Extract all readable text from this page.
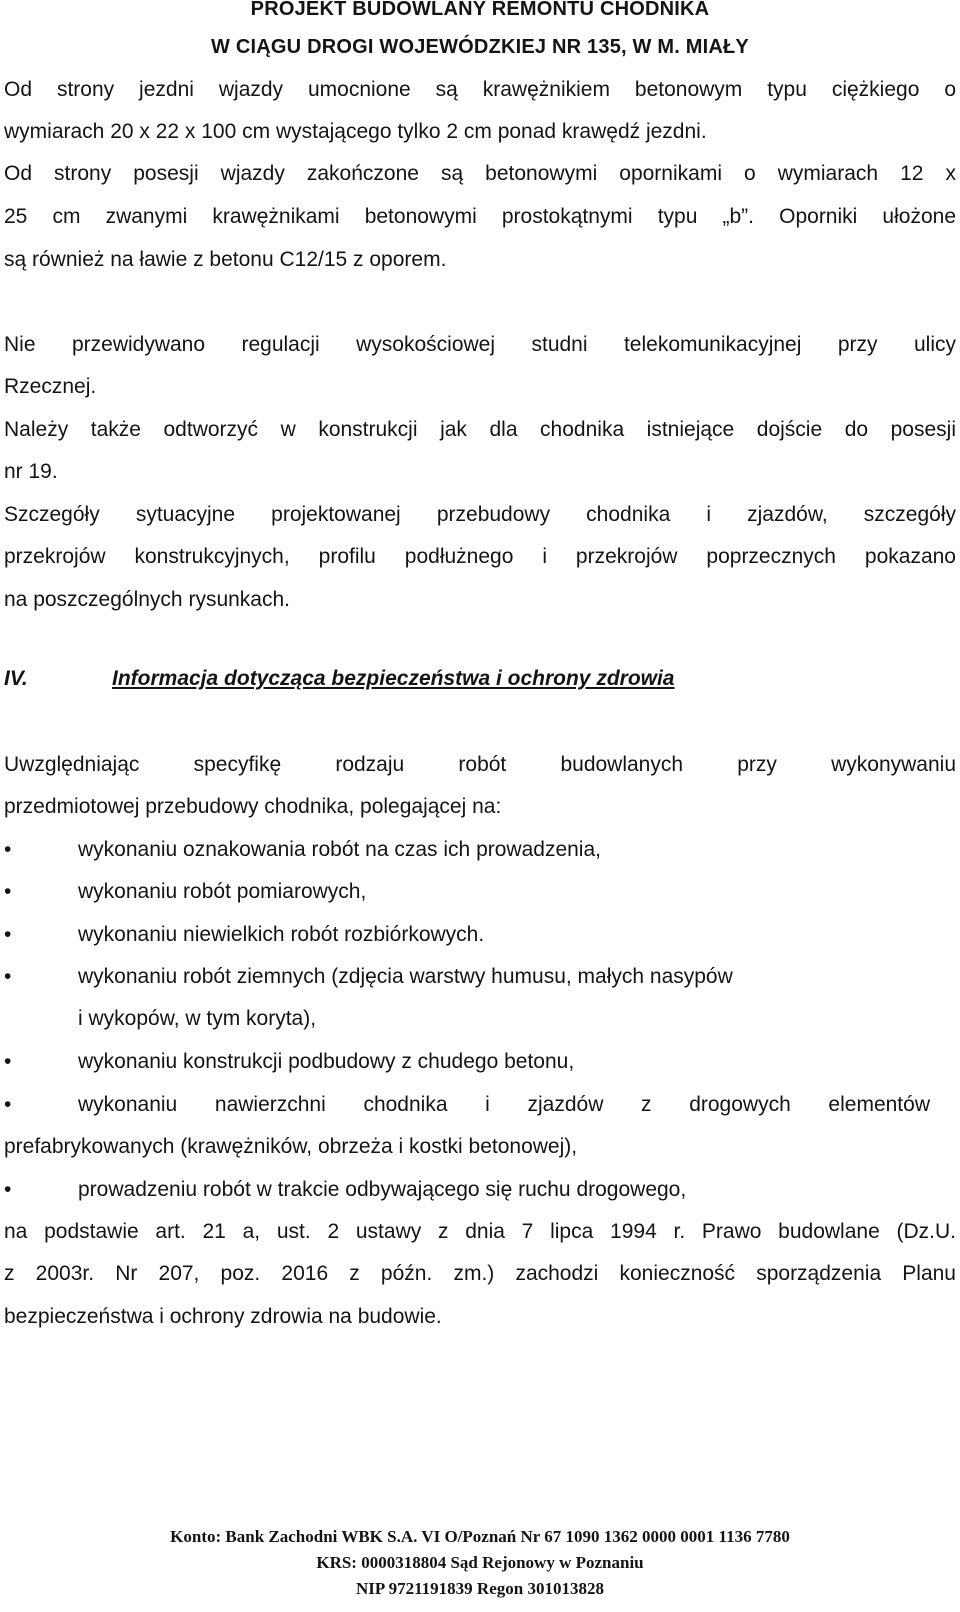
PROJEKT BUDOWLANY REMONTU CHODNIKA
W CIĄGU DROGI WOJEWÓDZKIEJ NR 135, W M. MIAŁY
Od strony jezdni wjazdy umocnione są krawężnikiem betonowym typu ciężkiego o
wymiarach 20 x 22 x 100 cm wystającego tylko 2 cm ponad krawędź jezdni.
Od strony posesji wjazdy zakończone są betonowymi opornikami o wymiarach 12 x
25 cm zwanymi krawężnikami betonowymi prostokątnymi typu „b”. Oporniki ułożone
są również na ławie z betonu C12/15 z oporem.
Nie przewidywano regulacji wysokościowej studni telekomunikacyjnej przy ulicy
Rzecznej.
Należy także odtworzyć w konstrukcji jak dla chodnika istniejące dojście do posesji
nr 19.
Szczegóły sytuacyjne projektowanej przebudowy chodnika i zjazdów, szczegóły
przekrojów konstrukcyjnych, profilu podłużnego i przekrojów poprzecznych pokazano
na poszczególnych rysunkach.
IV.	Informacja dotycząca bezpieczeństwa i ochrony zdrowia
Uwzględniając specyfikę rodzaju robót budowlanych przy wykonywaniu
przedmiotowej przebudowy chodnika, polegającej na:
•	wykonaniu oznakowania robót na czas ich prowadzenia,
•	wykonaniu robót pomiarowych,
•	wykonaniu niewielkich robót rozbiórkowych.
•	wykonaniu robót ziemnych (zdjęcia warstwy humusu, małych nasypów
i wykopów, w tym koryta),
•	wykonaniu konstrukcji podbudowy z chudego betonu,
•	wykonaniu nawierzchni chodnika i zjazdów z drogowych elementów
prefabrykowanych (krawężników, obrzeża i kostki betonowej),
•	prowadzeniu robót w trakcie odbywającego się ruchu drogowego,
na podstawie art. 21 a, ust. 2 ustawy z dnia 7 lipca 1994 r. Prawo budowlane (Dz.U.
z 2003r. Nr 207, poz. 2016 z późn. zm.) zachodzi konieczność sporządzenia Planu
bezpieczeństwa i ochrony zdrowia na budowie.
Konto: Bank Zachodni WBK S.A. VI O/Poznań Nr 67 1090 1362 0000 0001 1136 7780
KRS: 0000318804 Sąd Rejonowy w Poznaniu
NIP 9721191839 Regon 301013828
